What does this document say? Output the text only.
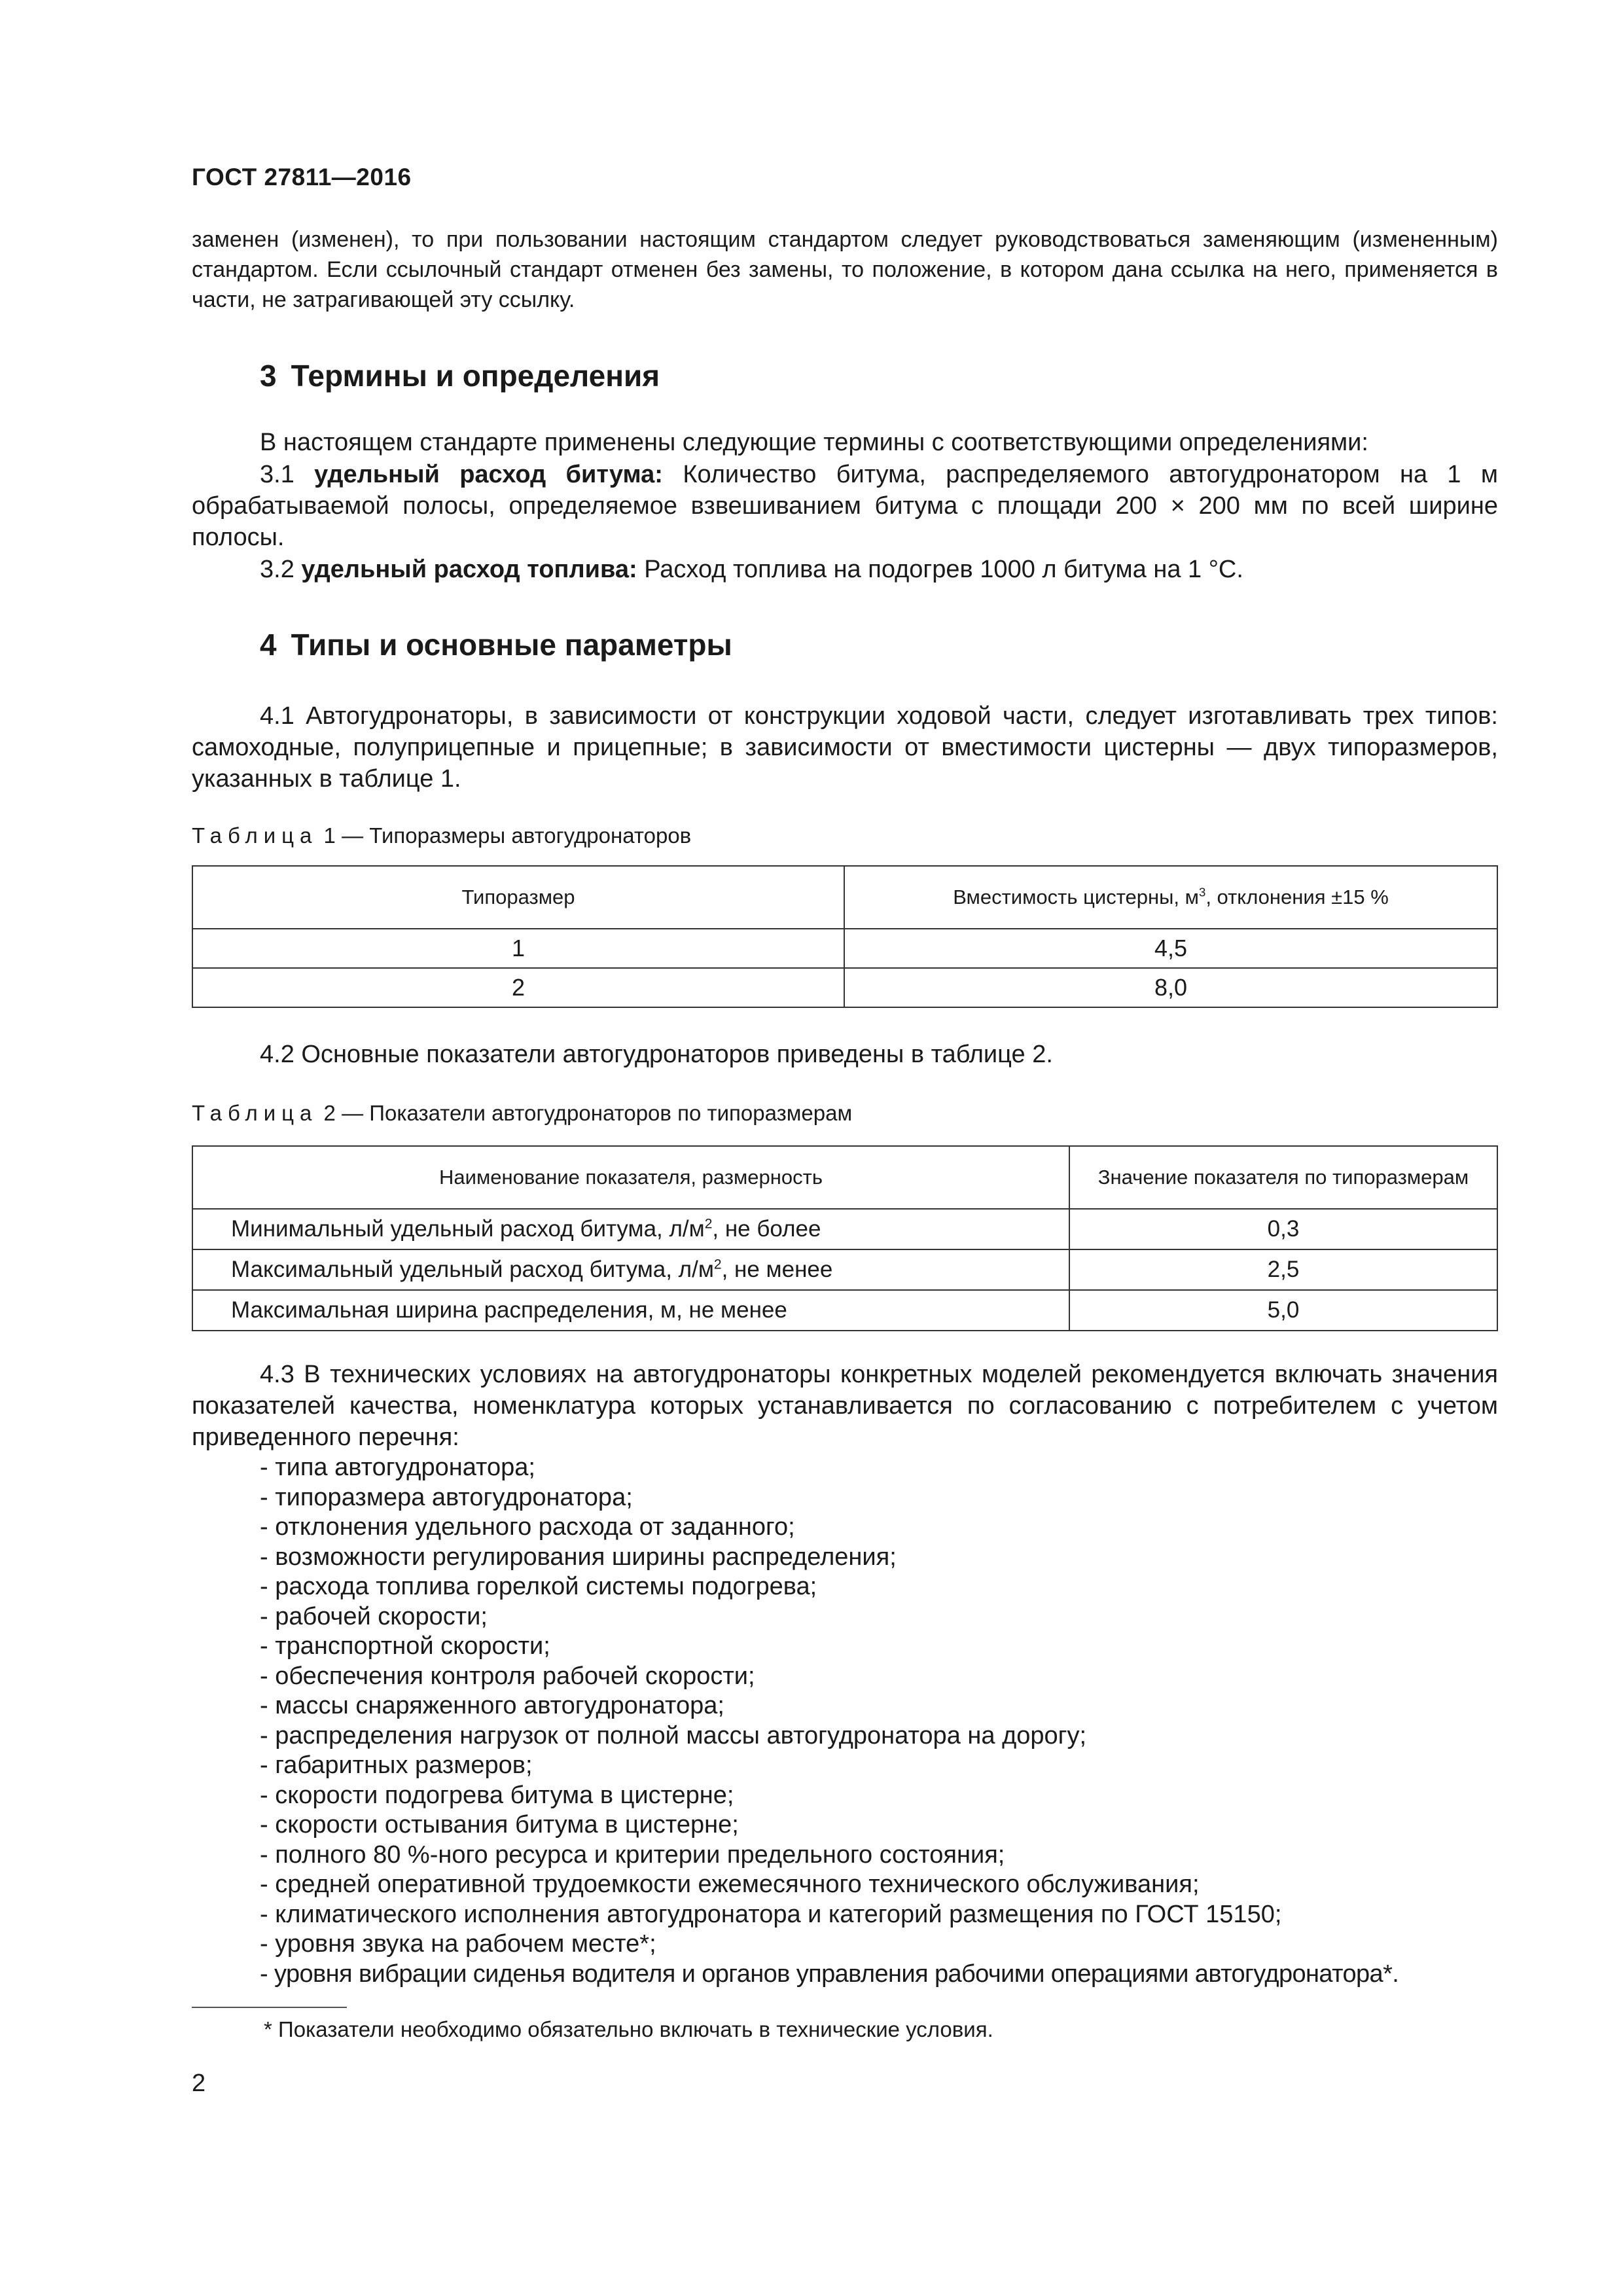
ГОСТ 27811—2016
заменен (изменен), то при пользовании настоящим стандартом следует руководствоваться заменяющим (измененным) стандартом. Если ссылочный стандарт отменен без замены, то положение, в котором дана ссылка на него, применяется в части, не затрагивающей эту ссылку.
3 Термины и определения
В настоящем стандарте применены следующие термины с соответствующими определениями:
3.1 удельный расход битума: Количество битума, распределяемого автогудронатором на 1 м обрабатываемой полосы, определяемое взвешиванием битума с площади 200 × 200 мм по всей ширине полосы.
3.2 удельный расход топлива: Расход топлива на подогрев 1000 л битума на 1 °С.
4 Типы и основные параметры
4.1 Автогудронаторы, в зависимости от конструкции ходовой части, следует изготавливать трех типов: самоходные, полуприцепные и прицепные; в зависимости от вместимости цистерны — двух типоразмеров, указанных в таблице 1.
Таблица 1 — Типоразмеры автогудронаторов
Типоразмер	Вместимость цистерны, $м^3$, отклонения ±15 %
1	4,5
2	8,0
4.2 Основные показатели автогудронаторов приведены в таблице 2.
Таблица 2 — Показатели автогудронаторов по типоразмерам
Наименование показателя, размерность	Значение показателя по типоразмерам
Минимальный удельный расход битума, $л/м^2$, не более	0,3
Максимальный удельный расход битума, $л/м^2$, не менее	2,5
Максимальная ширина распределения, м, не менее	5,0
4.3 В технических условиях на автогудронаторы конкретных моделей рекомендуется включать значения показателей качества, номенклатура которых устанавливается по согласованию с потребителем с учетом приведенного перечня:
- типа автогудронатора;
- типоразмера автогудронатора;
- отклонения удельного расхода от заданного;
- возможности регулирования ширины распределения;
- расхода топлива горелкой системы подогрева;
- рабочей скорости;
- транспортной скорости;
- обеспечения контроля рабочей скорости;
- массы снаряженного автогудронатора;
- распределения нагрузок от полной массы автогудронатора на дорогу;
- габаритных размеров;
- скорости подогрева битума в цистерне;
- скорости остывания битума в цистерне;
- полного 80 %-ного ресурса и критерии предельного состояния;
- средней оперативной трудоемкости ежемесячного технического обслуживания;
- климатического исполнения автогудронатора и категорий размещения по ГОСТ 15150;
- уровня звука на рабочем месте*;
- уровня вибрации сиденья водителя и органов управления рабочими операциями автогудронатора*.
* Показатели необходимо обязательно включать в технические условия.
2
